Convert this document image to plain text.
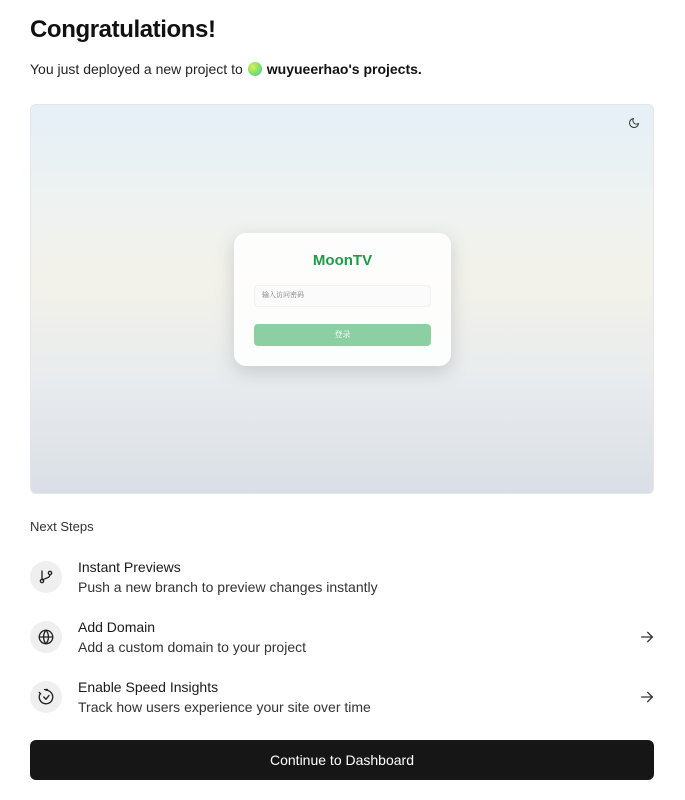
Congratulations!
You just deployed a new project to wuyueerhao's projects.
MoonTV
输入访问密码
登录
Next Steps
Instant Previews
Push a new branch to preview changes instantly
Add Domain
Add a custom domain to your project
Enable Speed Insights
Track how users experience your site over time
Continue to Dashboard
